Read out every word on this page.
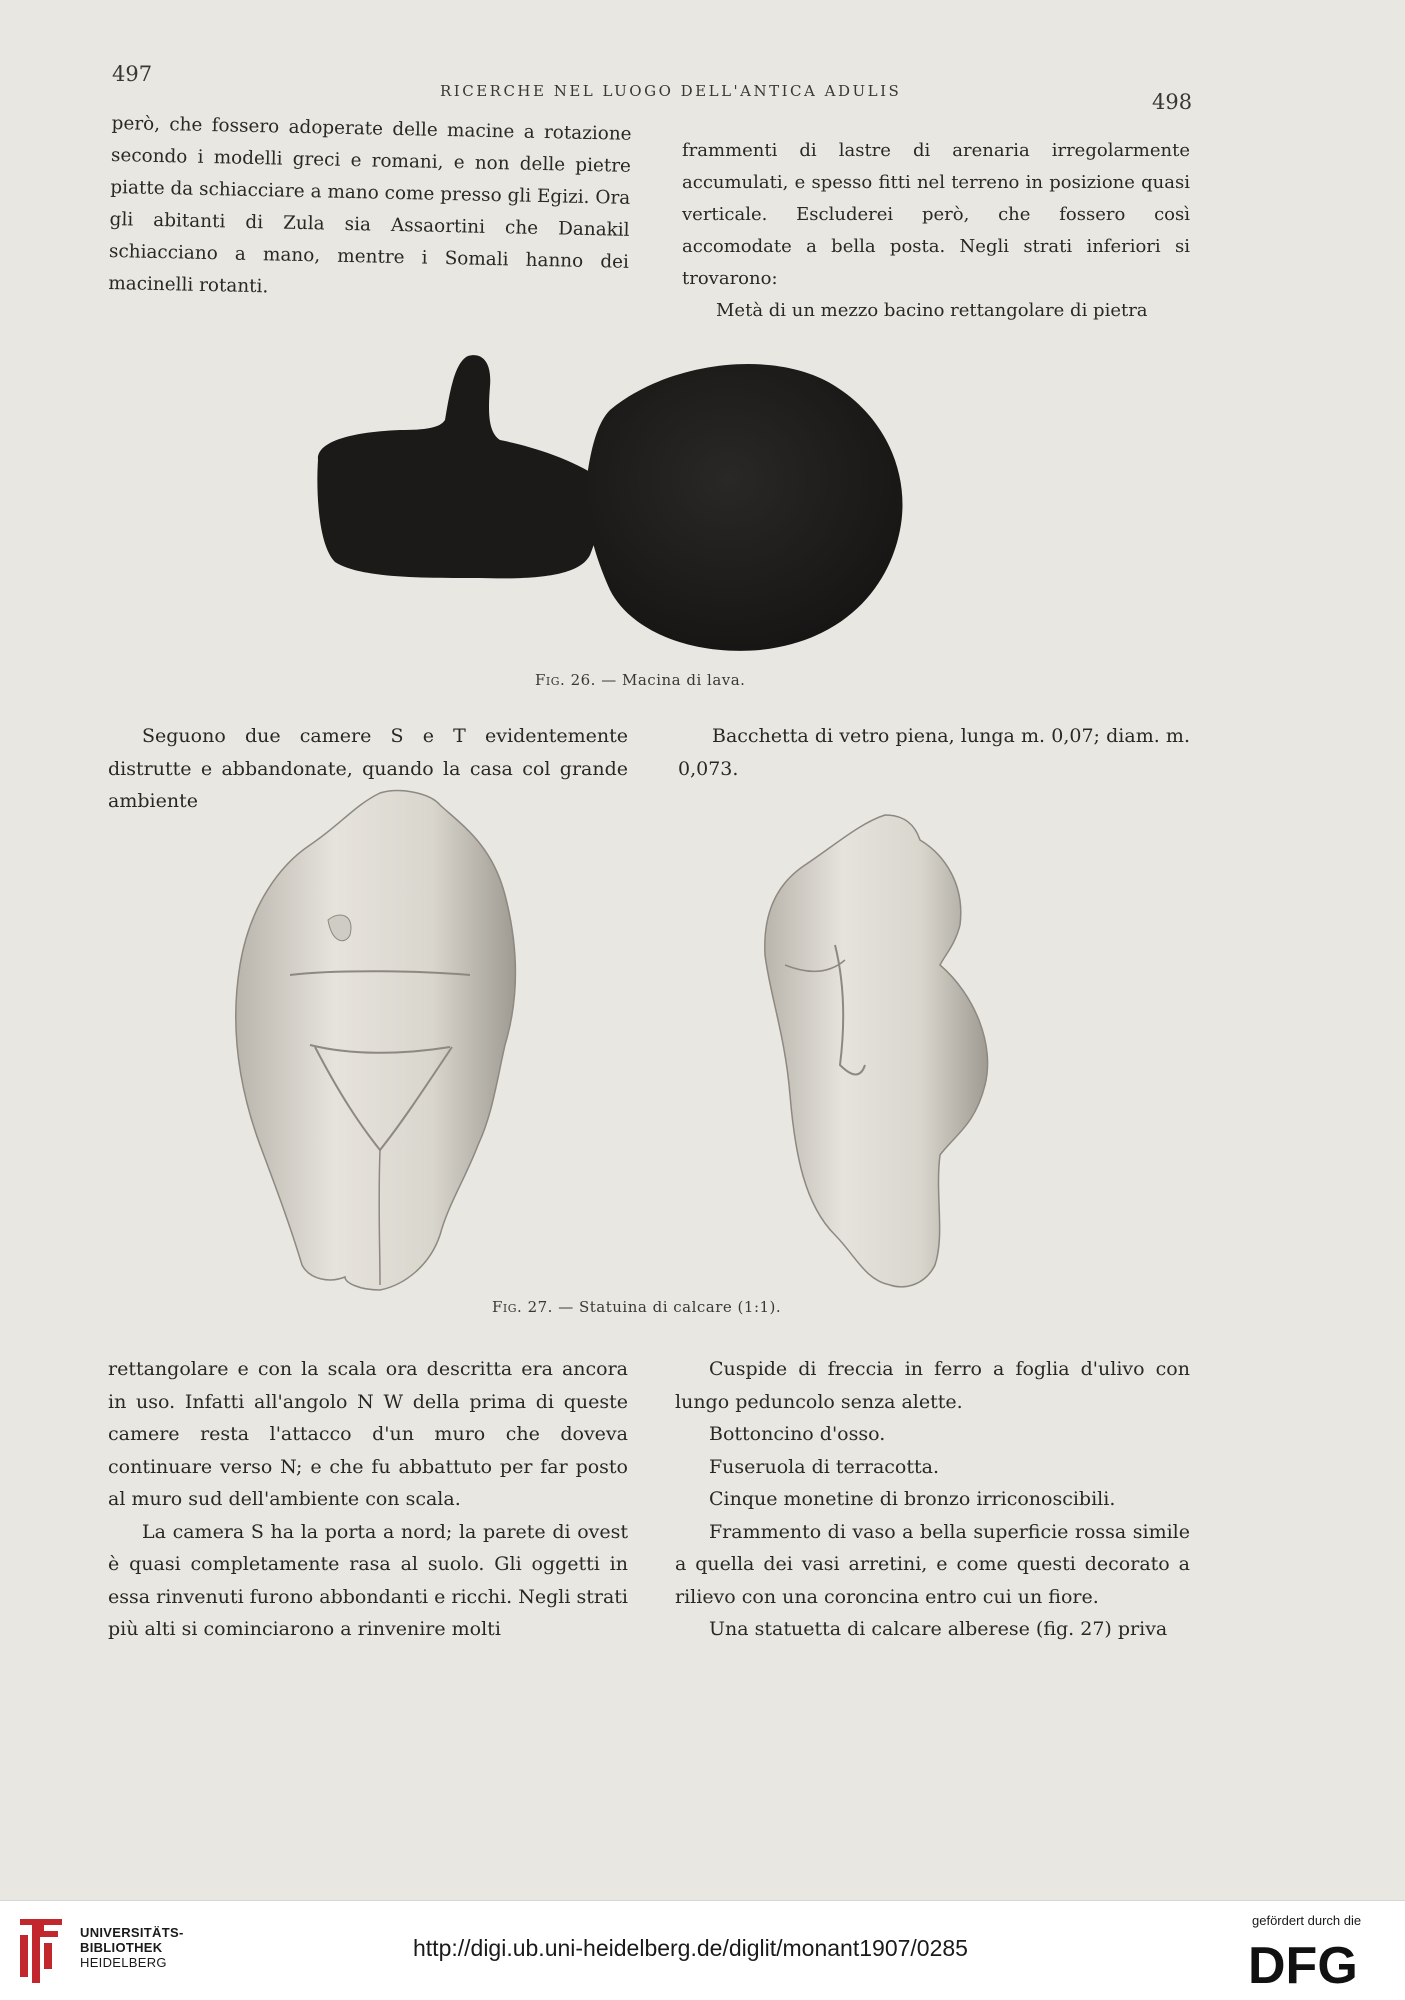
497
RICERCHE NEL LUOGO DELL'ANTICA ADULIS	498

però, che fossero adoperate delle macine a rotazione secondo i modelli greci e romani, e non delle pietre piatte da schiacciare a mano come presso gli Egizi. Ora gli abitanti di Zula sia Assaortini che Danakil schiacciano a mano, mentre i Somali hanno dei macinelli rotanti.

frammenti di lastre di arenaria irregolarmente accumulati, e spesso fitti nel terreno in posizione quasi verticale. Escluderei però, che fossero così accomodate a bella posta. Negli strati inferiori si trovarono:

Metà di un mezzo bacino rettangolare di pietra

Fig. 26. — Macina di lava.

Seguono due camere S e T evidentemente distrutte e abbandonate, quando la casa col grande ambiente

Bacchetta di vetro piena, lunga m. 0,07; diam. m. 0,073.

Fig. 27. — Statuina di calcare (1:1).

rettangolare e con la scala ora descritta era ancora in uso. Infatti all'angolo N W della prima di queste camere resta l'attacco d'un muro che doveva continuare verso N; e che fu abbattuto per far posto al muro sud dell'ambiente con scala.

La camera S ha la porta a nord; la parete di ovest è quasi completamente rasa al suolo. Gli oggetti in essa rinvenuti furono abbondanti e ricchi. Negli strati più alti si cominciarono a rinvenire molti

Cuspide di freccia in ferro a foglia d'ulivo con lungo peduncolo senza alette.

Bottoncino d'osso.

Fuseruola di terracotta.

Cinque monetine di bronzo irriconoscibili.

Frammento di vaso a bella superficie rossa simile a quella dei vasi arretini, e come questi decorato a rilievo con una coroncina entro cui un fiore.

Una statuetta di calcare alberese (fig. 27) priva

UNIVERSITÄTS-
BIBLIOTHEK
HEIDELBERG
http://digi.ub.uni-heidelberg.de/diglit/monant1907/0285
gefördert durch die
DFG
